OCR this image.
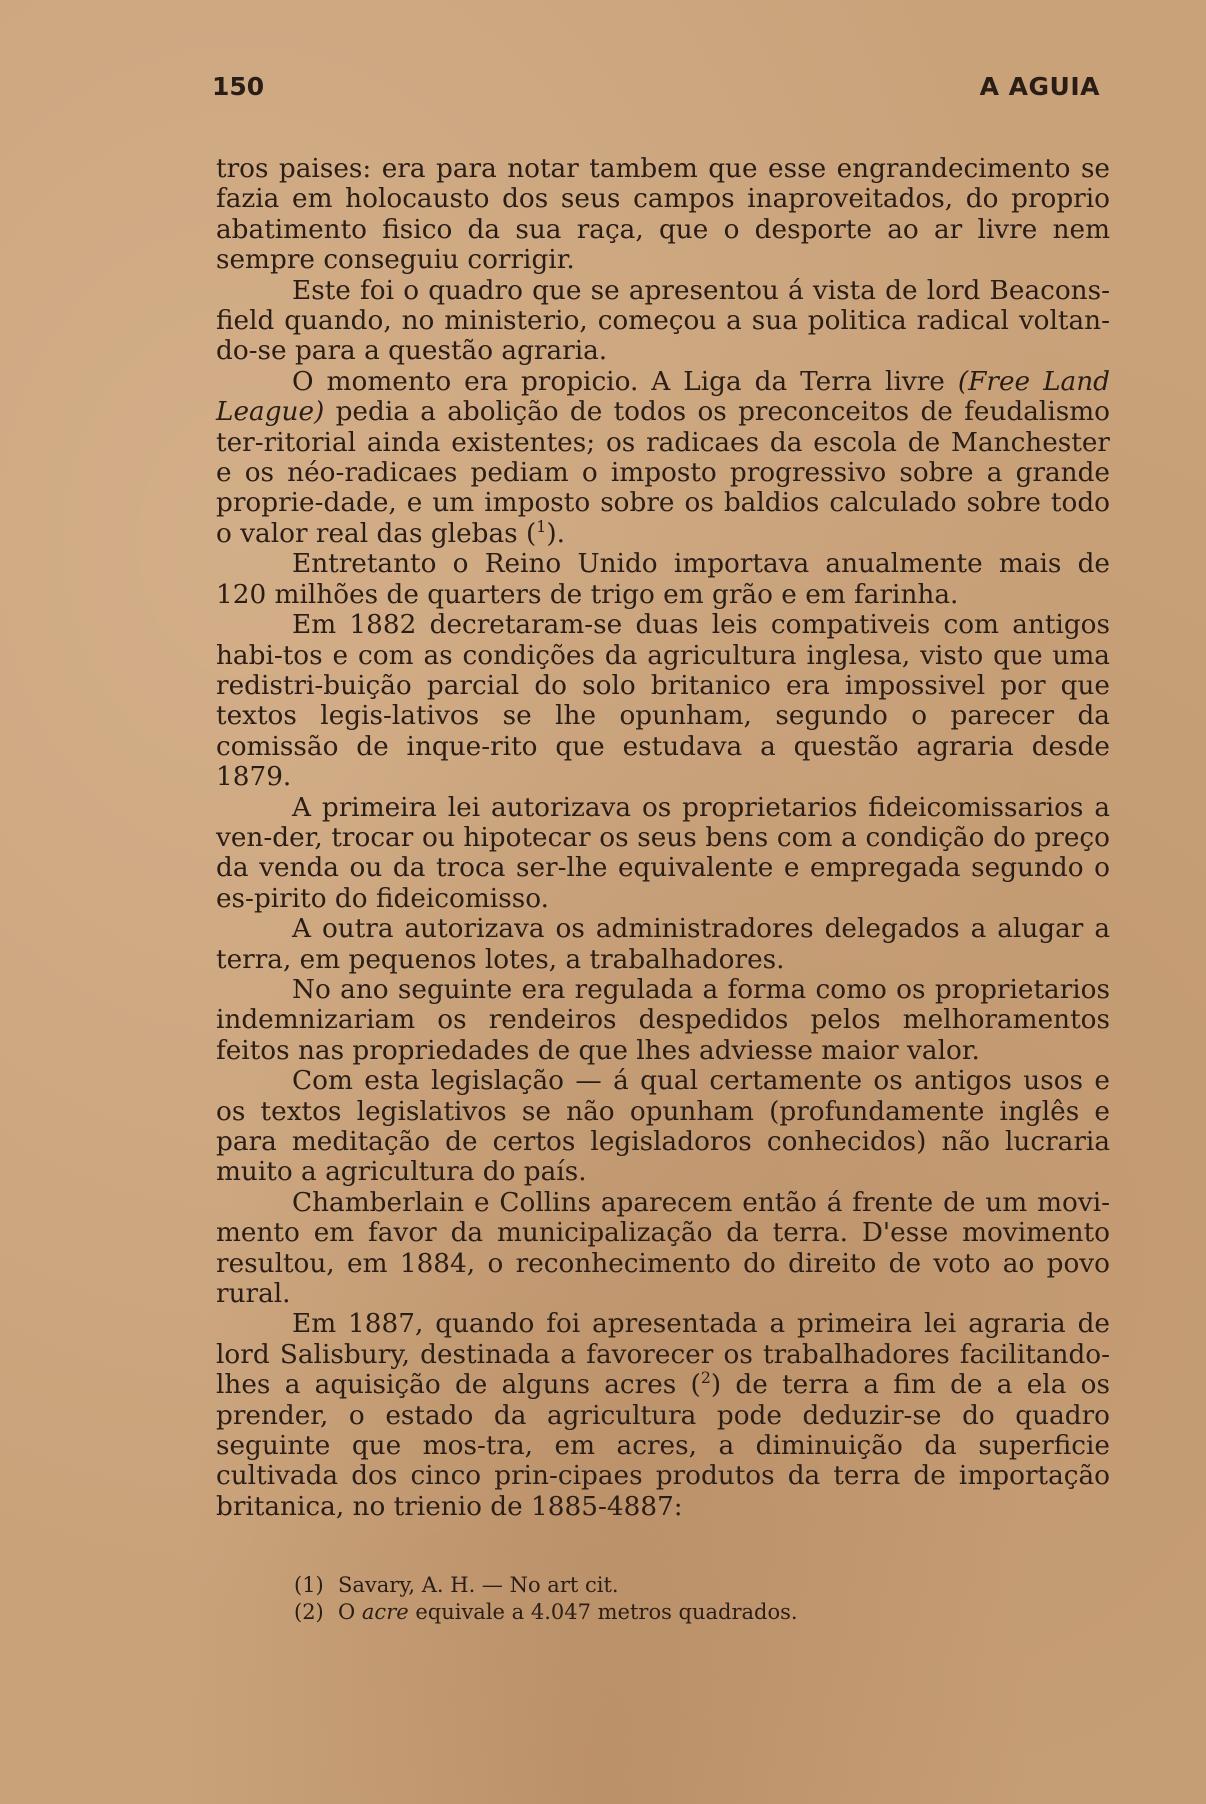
150	A AGUIA

tros paises: era para notar tambem que esse engrandecimento se fazia em holocausto dos seus campos inaproveitados, do proprio abatimento fisico da sua raça, que o desporte ao ar livre nem sempre conseguiu corrigir.

Este foi o quadro que se apresentou á vista de lord Beacons-field quando, no ministerio, começou a sua politica radical voltan-do-se para a questão agraria.

O momento era propicio. A Liga da Terra livre (Free Land League) pedia a abolição de todos os preconceitos de feudalismo ter-ritorial ainda existentes; os radicaes da escola de Manchester e os néo-radicaes pediam o imposto progressivo sobre a grande proprie-dade, e um imposto sobre os baldios calculado sobre todo o valor real das glebas ($^1$).

Entretanto o Reino Unido importava anualmente mais de 120 milhões de quarters de trigo em grão e em farinha.

Em 1882 decretaram-se duas leis compativeis com antigos habi-tos e com as condições da agricultura inglesa, visto que uma redistri-buição parcial do solo britanico era impossivel por que textos legis-lativos se lhe opunham, segundo o parecer da comissão de inque-rito que estudava a questão agraria desde 1879.

A primeira lei autorizava os proprietarios fideicomissarios a ven-der, trocar ou hipotecar os seus bens com a condição do preço da venda ou da troca ser-lhe equivalente e empregada segundo o es-pirito do fideicomisso.

A outra autorizava os administradores delegados a alugar a terra, em pequenos lotes, a trabalhadores.

No ano seguinte era regulada a forma como os proprietarios indemnizariam os rendeiros despedidos pelos melhoramentos feitos nas propriedades de que lhes adviesse maior valor.

Com esta legislação — á qual certamente os antigos usos e os textos legislativos se não opunham (profundamente inglês e para meditação de certos legisladoros conhecidos) não lucraria muito a agricultura do país.

Chamberlain e Collins aparecem então á frente de um movi-mento em favor da municipalização da terra. D'esse movimento resultou, em 1884, o reconhecimento do direito de voto ao povo rural.

Em 1887, quando foi apresentada a primeira lei agraria de lord Salisbury, destinada a favorecer os trabalhadores facilitando-lhes a aquisição de alguns acres ($^2$) de terra a fim de a ela os prender, o estado da agricultura pode deduzir-se do quadro seguinte que mos-tra, em acres, a diminuição da superficie cultivada dos cinco prin-cipaes produtos da terra de importação britanica, no trienio de 1885-4887:

(1) Savary, A. H. — No art cit.
(2) O acre equivale a 4.047 metros quadrados.
